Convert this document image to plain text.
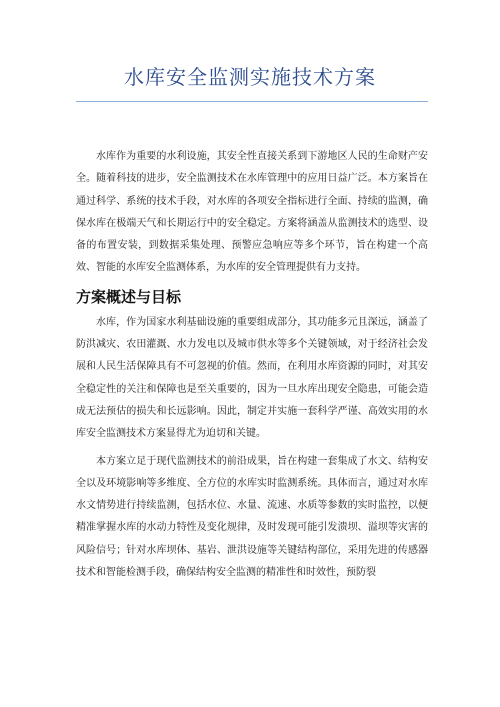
水库安全监测实施技术方案

水库作为重要的水利设施，其安全性直接关系到下游地区人民的生命财产安全。随着科技的进步，安全监测技术在水库管理中的应用日益广泛。本方案旨在通过科学、系统的技术手段，对水库的各项安全指标进行全面、持续的监测，确保水库在极端天气和长期运行中的安全稳定。方案将涵盖从监测技术的选型、设备的布置安装，到数据采集处理、预警应急响应等多个环节，旨在构建一个高效、智能的水库安全监测体系，为水库的安全管理提供有力支持。

方案概述与目标

水库，作为国家水利基础设施的重要组成部分，其功能多元且深远，涵盖了防洪减灾、农田灌溉、水力发电以及城市供水等多个关键领域，对于经济社会发展和人民生活保障具有不可忽视的价值。然而，在利用水库资源的同时，对其安全稳定性的关注和保障也是至关重要的，因为一旦水库出现安全隐患，可能会造成无法预估的损失和长远影响。因此，制定并实施一套科学严谨、高效实用的水库安全监测技术方案显得尤为迫切和关键。

本方案立足于现代监测技术的前沿成果，旨在构建一套集成了水文、结构安全以及环境影响等多维度、全方位的水库实时监测系统。具体而言，通过对水库水文情势进行持续监测，包括水位、水量、流速、水质等参数的实时监控，以便精准掌握水库的水动力特性及变化规律，及时发现可能引发溃坝、溢坝等灾害的风险信号；针对水库坝体、基岩、泄洪设施等关键结构部位，采用先进的传感器技术和智能检测手段，确保结构安全监测的精准性和时效性，预防裂
